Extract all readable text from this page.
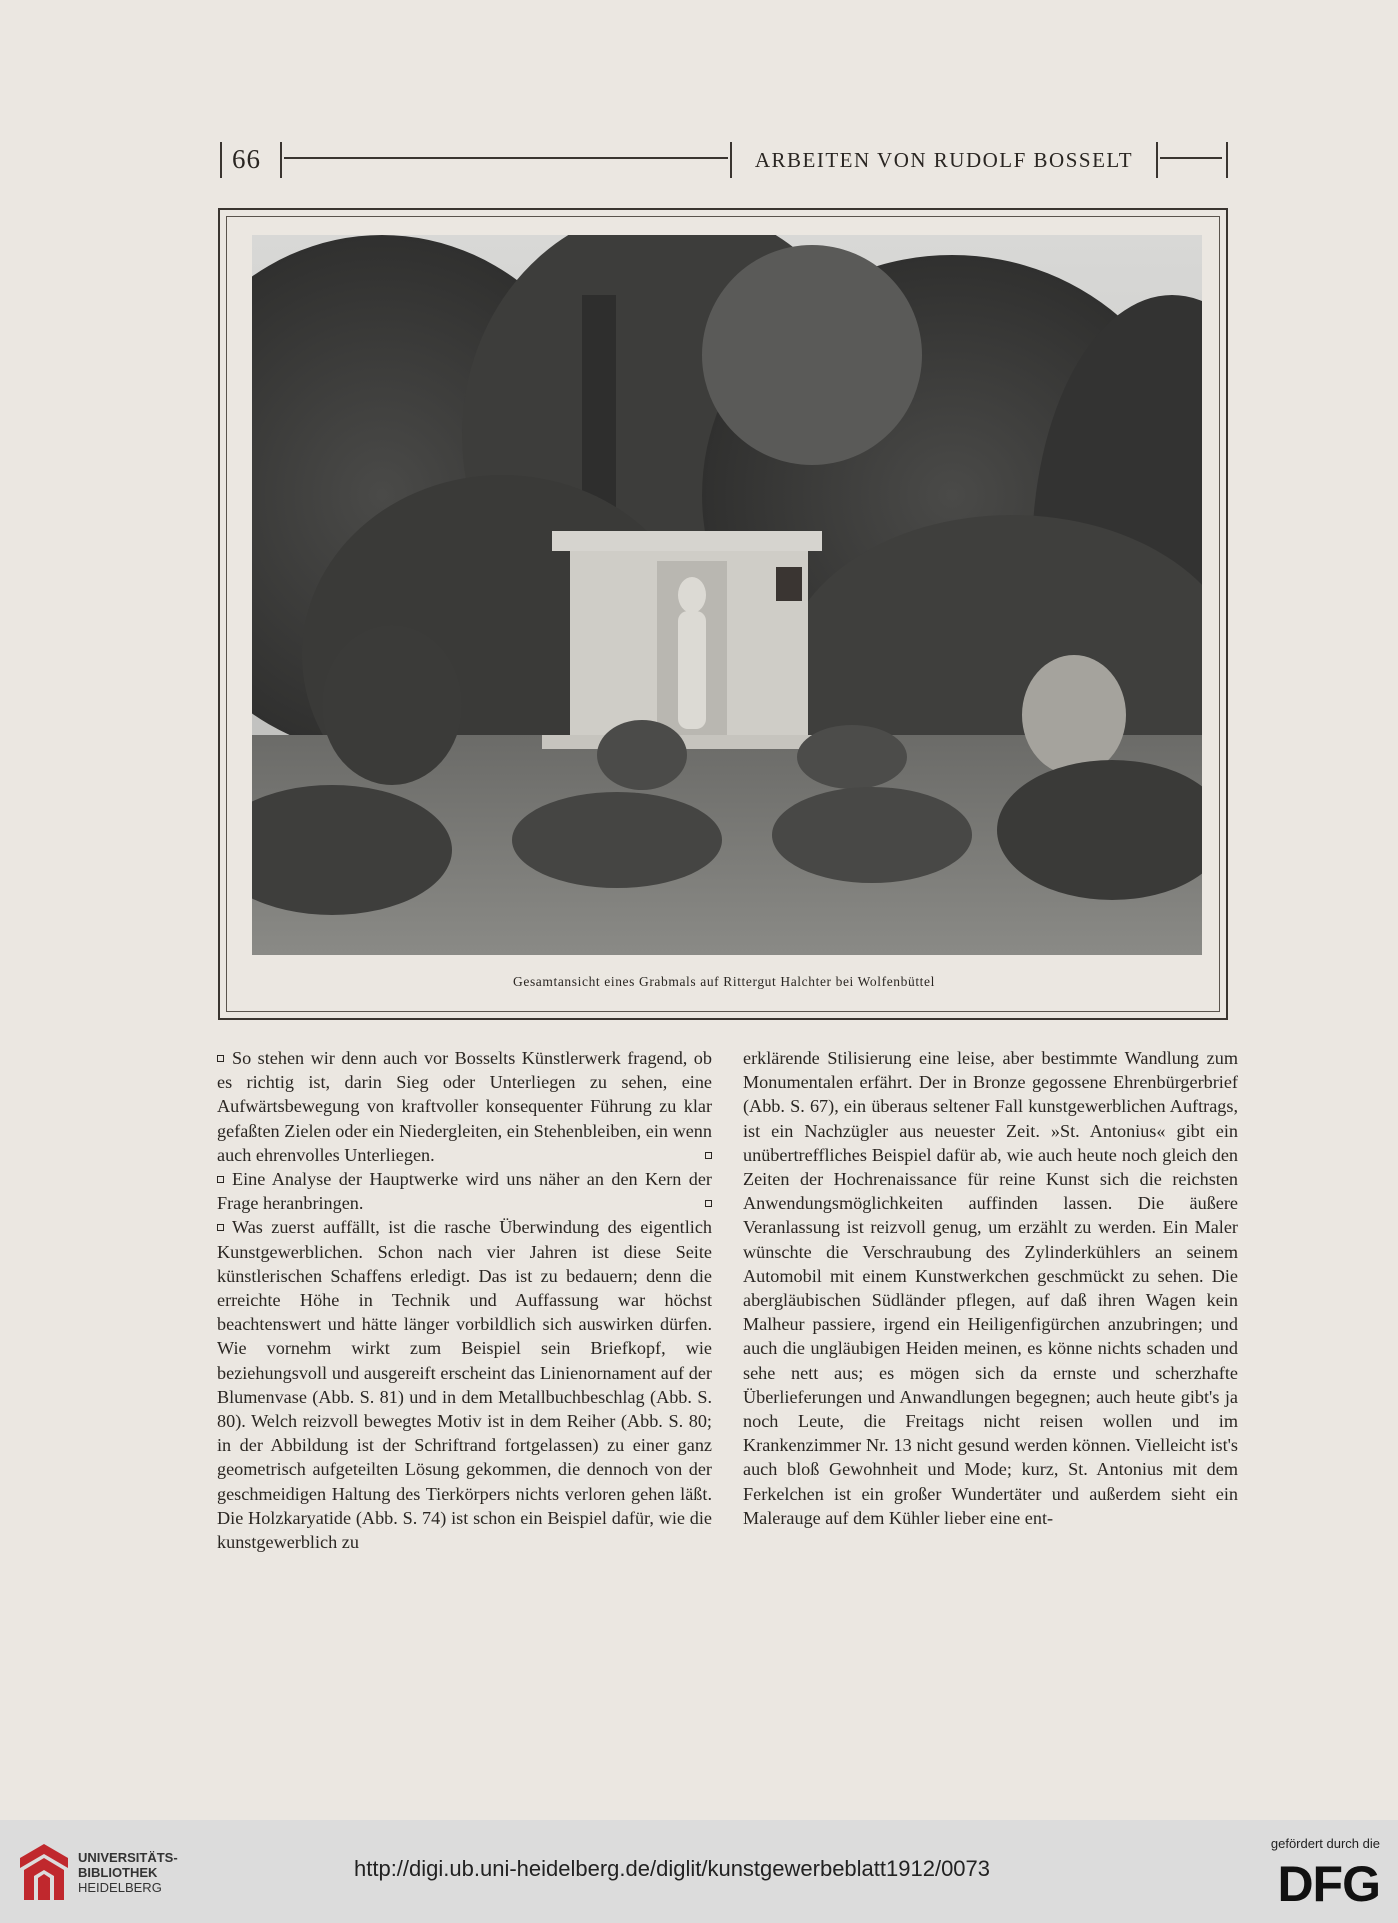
66	ARBEITEN VON RUDOLF BOSSELT
Gesamtansicht eines Grabmals auf Rittergut Halchter bei Wolfenbüttel

So stehen wir denn auch vor Bosselts Künstlerwerk fragend, ob es richtig ist, darin Sieg oder Unterliegen zu sehen, eine Aufwärtsbewegung von kraftvoller konsequenter Führung zu klar gefaßten Zielen oder ein Niedergleiten, ein Stehenbleiben, ein wenn auch ehrenvolles Unterliegen.

Eine Analyse der Hauptwerke wird uns näher an den Kern der Frage heranbringen.

Was zuerst auffällt, ist die rasche Überwindung des eigentlich Kunstgewerblichen. Schon nach vier Jahren ist diese Seite künstlerischen Schaffens erledigt. Das ist zu bedauern; denn die erreichte Höhe in Technik und Auffassung war höchst beachtenswert und hätte länger vorbildlich sich auswirken dürfen. Wie vornehm wirkt zum Beispiel sein Briefkopf, wie beziehungsvoll und ausgereift erscheint das Linienornament auf der Blumenvase (Abb. S. 81) und in dem Metallbuchbeschlag (Abb. S. 80). Welch reizvoll bewegtes Motiv ist in dem Reiher (Abb. S. 80; in der Abbildung ist der Schriftrand fortgelassen) zu einer ganz geometrisch aufgeteilten Lösung gekommen, die dennoch von der geschmeidigen Haltung des Tierkörpers nichts verloren gehen läßt. Die Holzkaryatide (Abb. S. 74) ist schon ein Beispiel dafür, wie die kunstgewerblich zu

erklärende Stilisierung eine leise, aber bestimmte Wandlung zum Monumentalen erfährt. Der in Bronze gegossene Ehrenbürgerbrief (Abb. S. 67), ein überaus seltener Fall kunstgewerblichen Auftrags, ist ein Nachzügler aus neuester Zeit. »St. Antonius« gibt ein unübertreffliches Beispiel dafür ab, wie auch heute noch gleich den Zeiten der Hochrenaissance für reine Kunst sich die reichsten Anwendungsmöglichkeiten auffinden lassen. Die äußere Veranlassung ist reizvoll genug, um erzählt zu werden. Ein Maler wünschte die Verschraubung des Zylinderkühlers an seinem Automobil mit einem Kunstwerkchen geschmückt zu sehen. Die abergläubischen Südländer pflegen, auf daß ihren Wagen kein Malheur passiere, irgend ein Heiligenfigürchen anzubringen; und auch die ungläubigen Heiden meinen, es könne nichts schaden und sehe nett aus; es mögen sich da ernste und scherzhafte Überlieferungen und Anwandlungen begegnen; auch heute gibt's ja noch Leute, die Freitags nicht reisen wollen und im Krankenzimmer Nr. 13 nicht gesund werden können. Vielleicht ist's auch bloß Gewohnheit und Mode; kurz, St. Antonius mit dem Ferkelchen ist ein großer Wundertäter und außerdem sieht ein Malerauge auf dem Kühler lieber eine ent-

UNIVERSITÄTS-
BIBLIOTHEK
HEIDELBERG
http://digi.ub.uni-heidelberg.de/diglit/kunstgewerbeblatt1912/0073
gefördert durch die
DFG
